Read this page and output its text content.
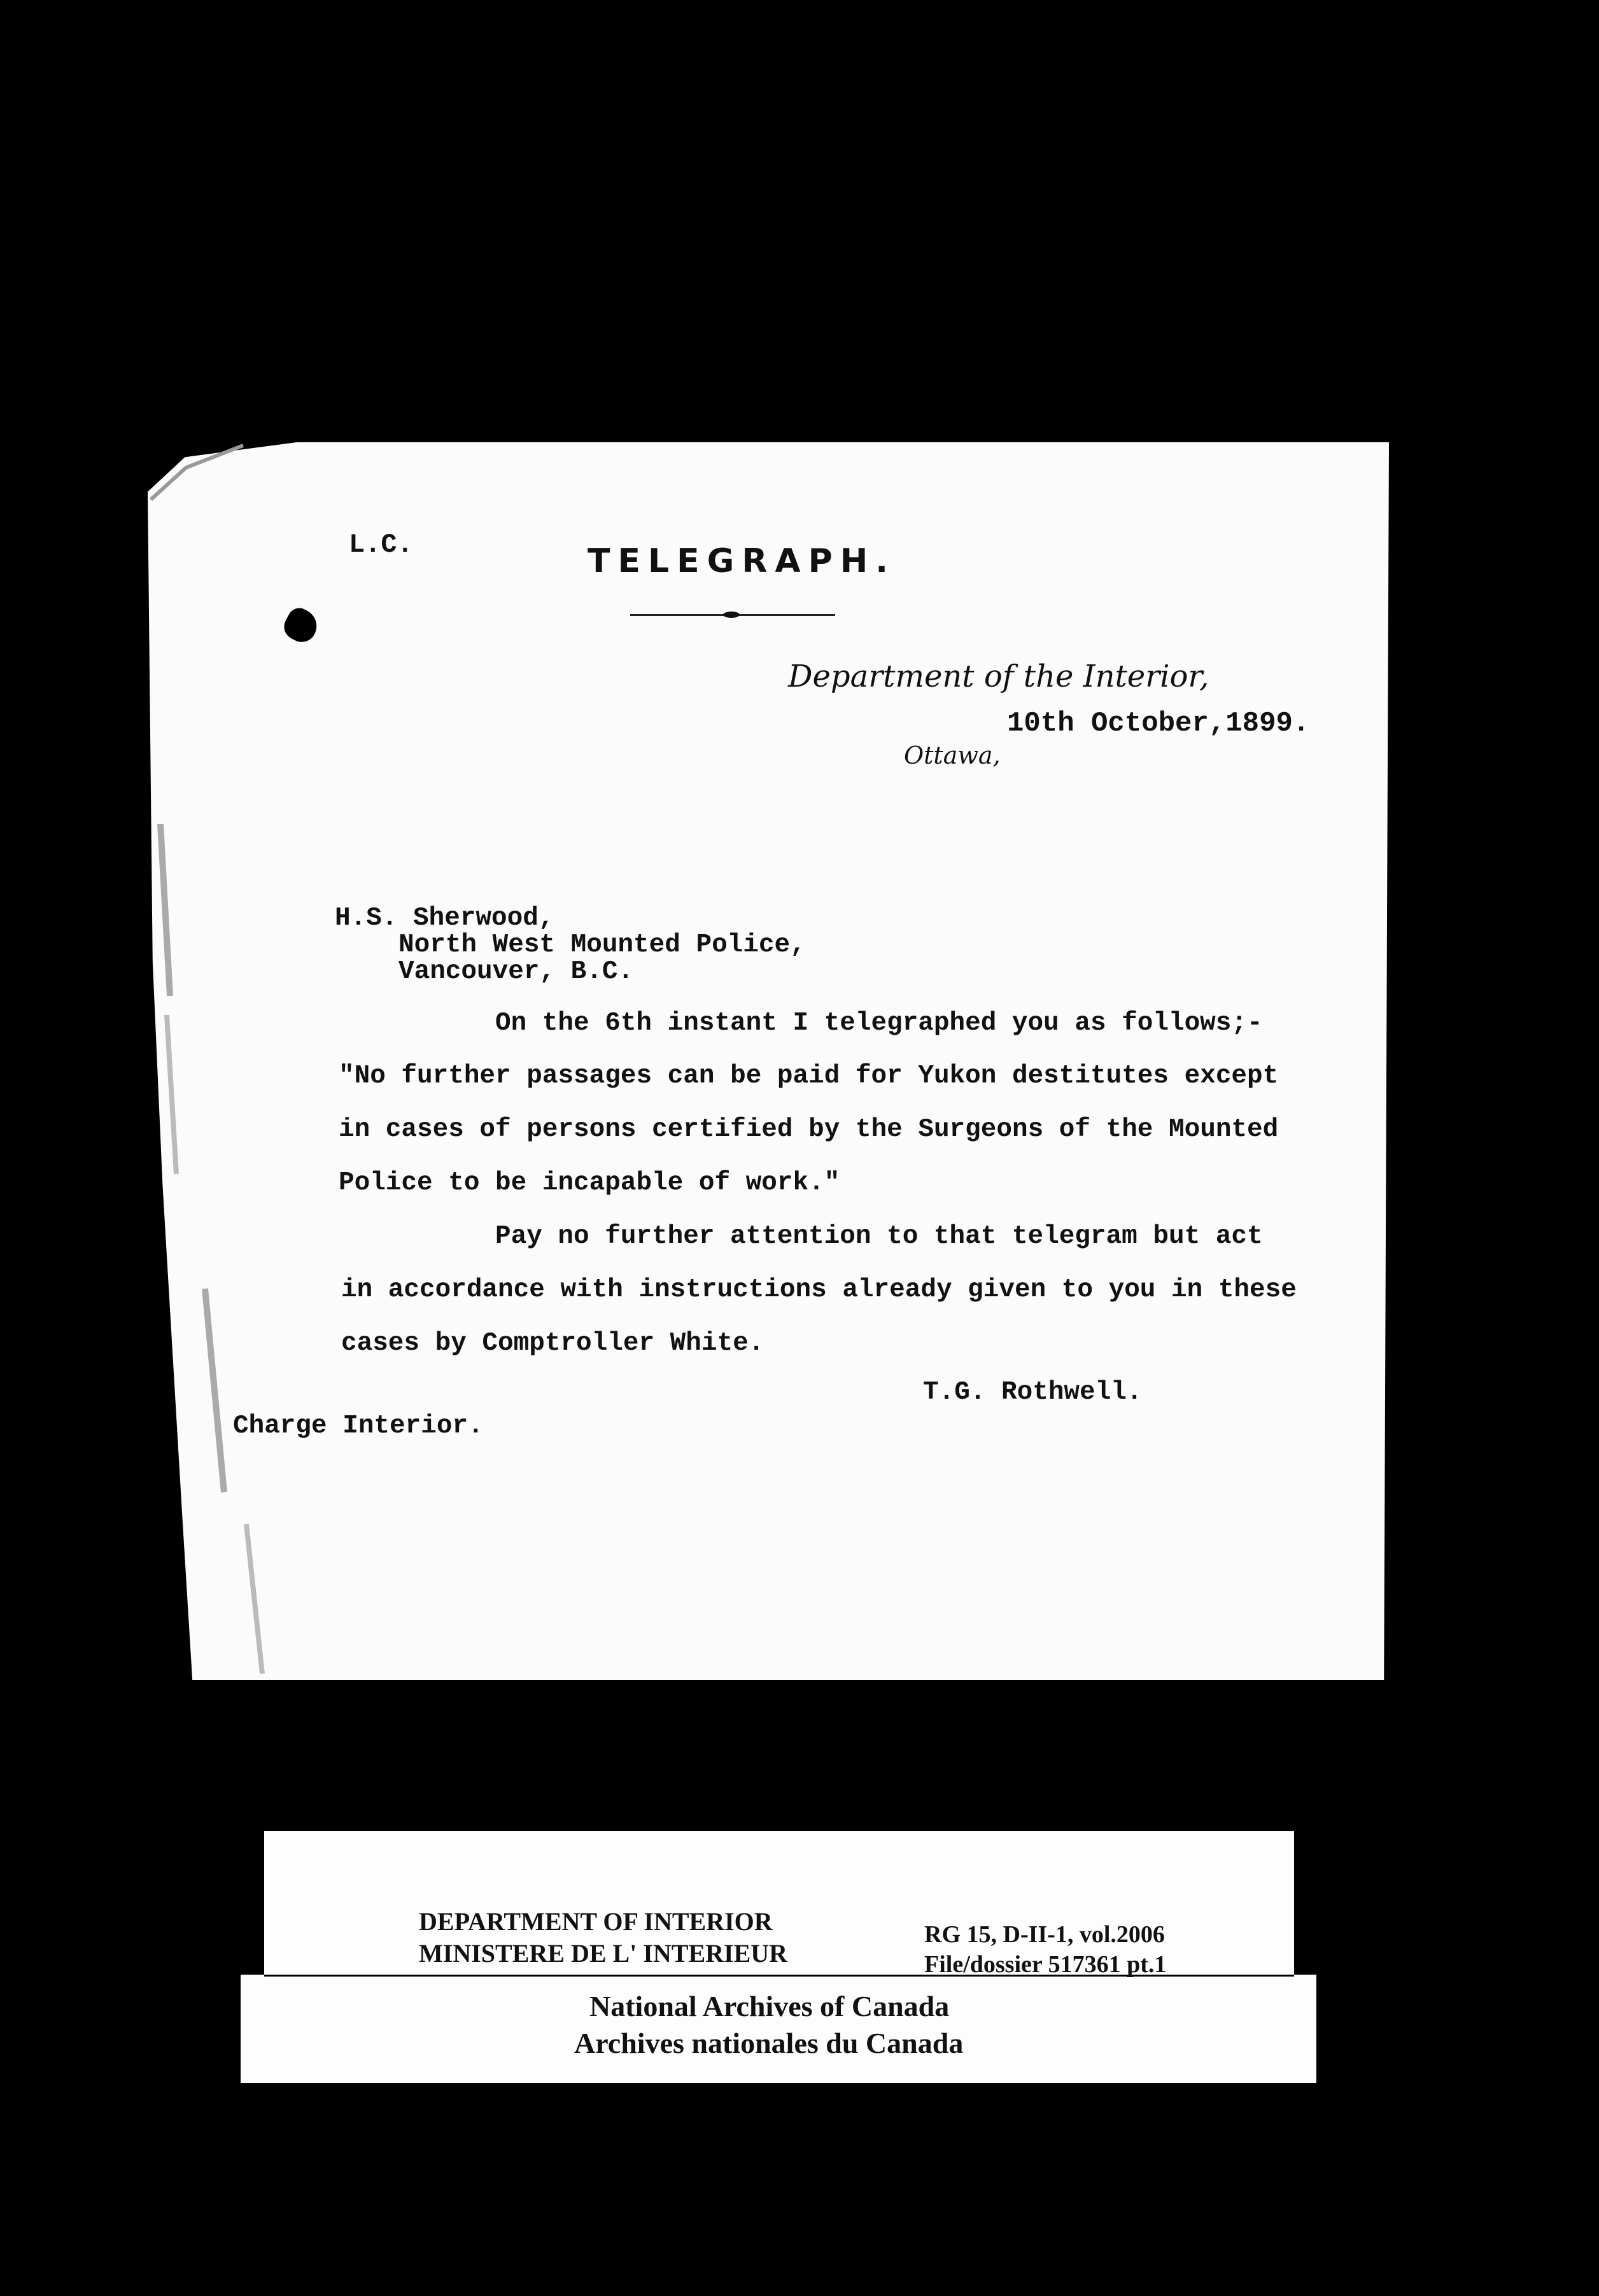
L.C.	TELEGRAPH.
Department of the Interior,
10th October,1899.
Ottawa,
H.S. Sherwood,
North West Mounted Police,
Vancouver, B.C.
On the 6th instant I telegraphed you as follows;-
"No further passages can be paid for Yukon destitutes except
in cases of persons certified by the Surgeons of the Mounted
Police to be incapable of work."
Pay no further attention to that telegram but act
in accordance with instructions already given to you in these
cases by Comptroller White.
T.G. Rothwell.
Charge Interior.
DEPARTMENT OF INTERIOR
MINISTERE DE L' INTERIEUR
RG 15, D-II-1, vol.2006
File/dossier 517361 pt.1
National Archives of Canada
Archives nationales du Canada
